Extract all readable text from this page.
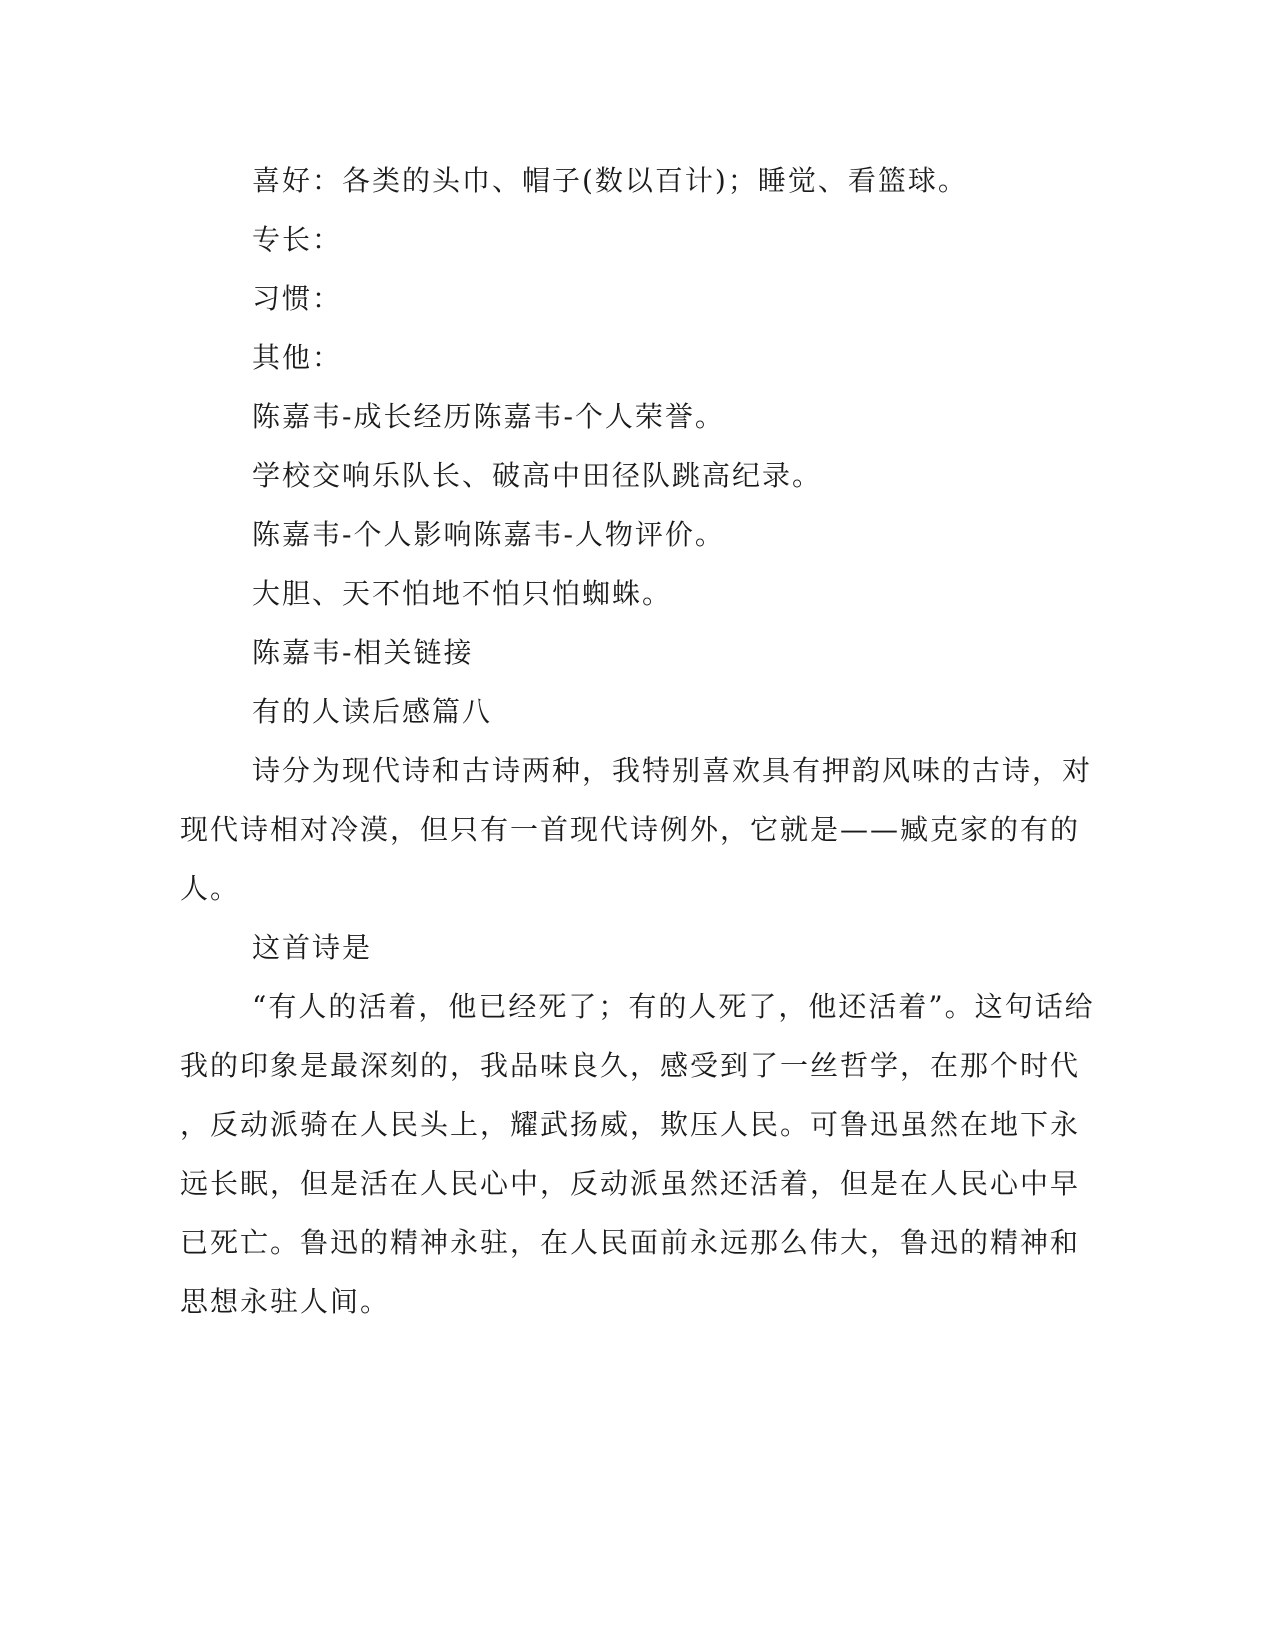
喜好：各类的头巾、帽子(数以百计)；睡觉、看篮球。
专长：
习惯：
其他：
陈嘉韦-成长经历陈嘉韦-个人荣誉。
学校交响乐队长、破高中田径队跳高纪录。
陈嘉韦-个人影响陈嘉韦-人物评价。
大胆、天不怕地不怕只怕蜘蛛。
陈嘉韦-相关链接
有的人读后感篇八
诗分为现代诗和古诗两种，我特别喜欢具有押韵风味的古诗，对
现代诗相对冷漠，但只有一首现代诗例外，它就是——臧克家的有的
人。
这首诗是
“有人的活着，他已经死了；有的人死了，他还活着”。这句话给
我的印象是最深刻的，我品味良久，感受到了一丝哲学，在那个时代
，反动派骑在人民头上，耀武扬威，欺压人民。可鲁迅虽然在地下永
远长眠，但是活在人民心中，反动派虽然还活着，但是在人民心中早
已死亡。鲁迅的精神永驻，在人民面前永远那么伟大，鲁迅的精神和
思想永驻人间。
